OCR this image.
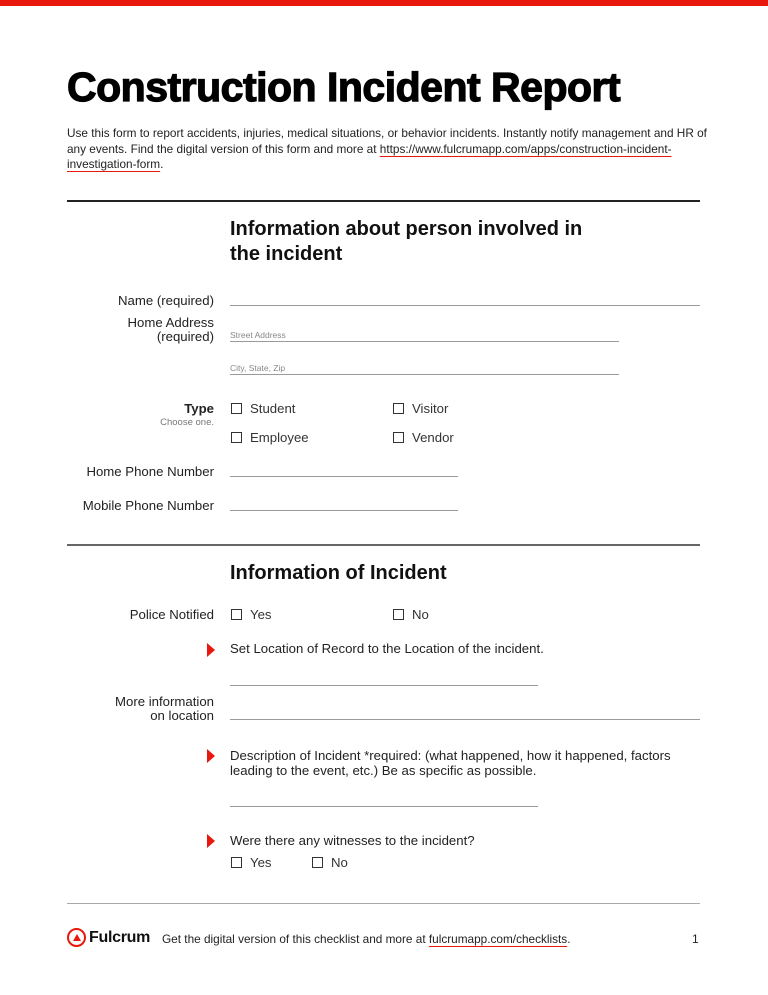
Construction Incident Report
Use this form to report accidents, injuries, medical situations, or behavior incidents. Instantly notify management and HR of any events. Find the digital version of this form and more at https://www.fulcrumapp.com/apps/construction-incident-investigation-form.
Information about person involved in the incident
Name (required)
Home Address
(required) Street Address
City, State, Zip
Type
Choose one.
Student	Visitor
Employee	Vendor
Home Phone Number
Mobile Phone Number
Information of Incident
Police Notified	Yes	No
Set Location of Record to the Location of the incident.
More information
on location
Description of Incident *required: (what happened, how it happened, factors leading to the event, etc.) Be as specific as possible.
Were there any witnesses to the incident?
Yes	No
Fulcrum Get the digital version of this checklist and more at fulcrumapp.com/checklists.	1
